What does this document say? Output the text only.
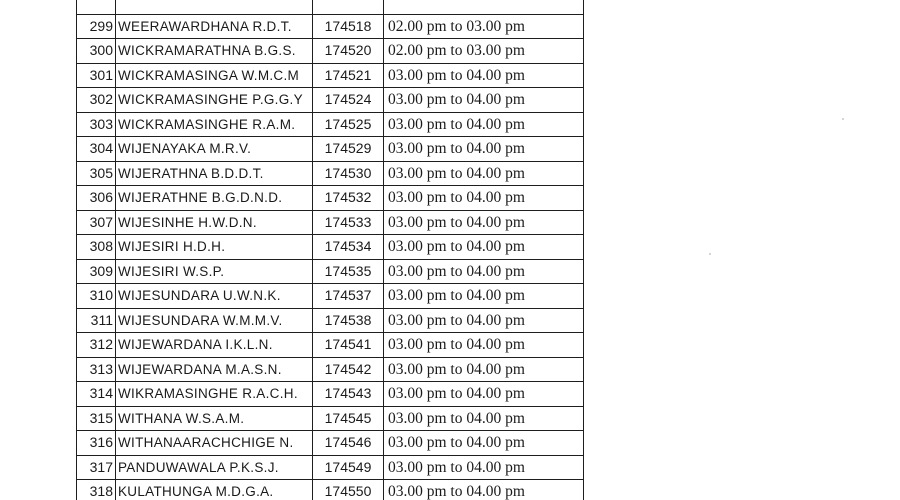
299	WEERAWARDHANA R.D.T.	174518	02.00 pm to 03.00 pm
300	WICKRAMARATHNA B.G.S.	174520	02.00 pm to 03.00 pm
301	WICKRAMASINGA W.M.C.M	174521	03.00 pm to 04.00 pm
302	WICKRAMASINGHE P.G.G.Y	174524	03.00 pm to 04.00 pm
303	WICKRAMASINGHE R.A.M.	174525	03.00 pm to 04.00 pm
304	WIJENAYAKA M.R.V.	174529	03.00 pm to 04.00 pm
305	WIJERATHNA B.D.D.T.	174530	03.00 pm to 04.00 pm
306	WIJERATHNE B.G.D.N.D.	174532	03.00 pm to 04.00 pm
307	WIJESINHE H.W.D.N.	174533	03.00 pm to 04.00 pm
308	WIJESIRI H.D.H.	174534	03.00 pm to 04.00 pm
309	WIJESIRI W.S.P.	174535	03.00 pm to 04.00 pm
310	WIJESUNDARA U.W.N.K.	174537	03.00 pm to 04.00 pm
311	WIJESUNDARA W.M.M.V.	174538	03.00 pm to 04.00 pm
312	WIJEWARDANA I.K.L.N.	174541	03.00 pm to 04.00 pm
313	WIJEWARDANA M.A.S.N.	174542	03.00 pm to 04.00 pm
314	WIKRAMASINGHE R.A.C.H.	174543	03.00 pm to 04.00 pm
315	WITHANA W.S.A.M.	174545	03.00 pm to 04.00 pm
316	WITHANAARACHCHIGE N.	174546	03.00 pm to 04.00 pm
317	PANDUWAWALA P.K.S.J.	174549	03.00 pm to 04.00 pm
318	KULATHUNGA M.D.G.A.	174550	03.00 pm to 04.00 pm
